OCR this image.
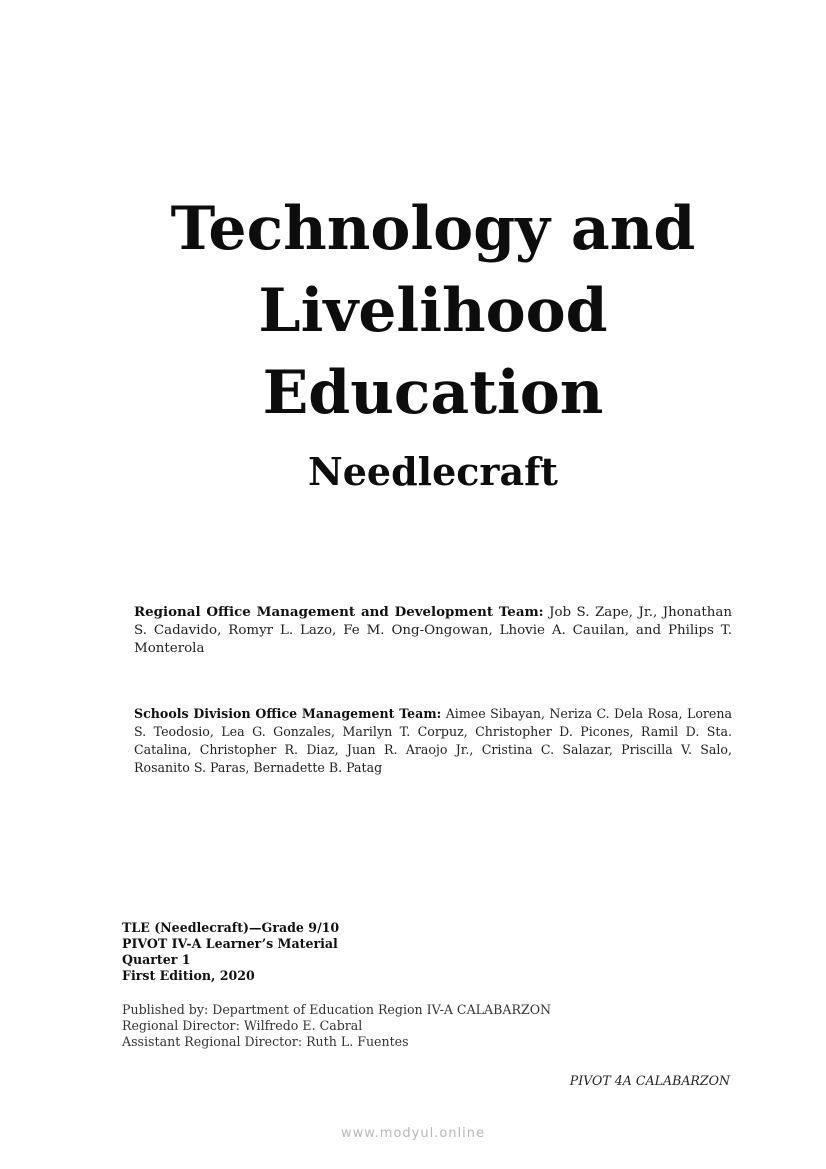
Technology and
Livelihood
Education
Needlecraft

Regional Office Management and Development Team: Job S. Zape, Jr., Jhonathan S. Cadavido, Romyr L. Lazo, Fe M. Ong-Ongowan, Lhovie A. Cauilan, and Philips T. Monterola

Schools Division Office Management Team: Aimee Sibayan, Neriza C. Dela Rosa, Lorena S. Teodosio, Lea G. Gonzales, Marilyn T. Corpuz, Christopher D. Picones, Ramil D. Sta. Catalina, Christopher R. Diaz, Juan R. Araojo Jr., Cristina C. Salazar, Priscilla V. Salo, Rosanito S. Paras, Bernadette B. Patag

TLE (Needlecraft)—Grade 9/10
PIVOT IV-A Learner’s Material
Quarter 1
First Edition, 2020
Published by: Department of Education Region IV-A CALABARZON
Regional Director: Wilfredo E. Cabral
Assistant Regional Director: Ruth L. Fuentes
PIVOT 4A CALABARZON
www.modyul.online
